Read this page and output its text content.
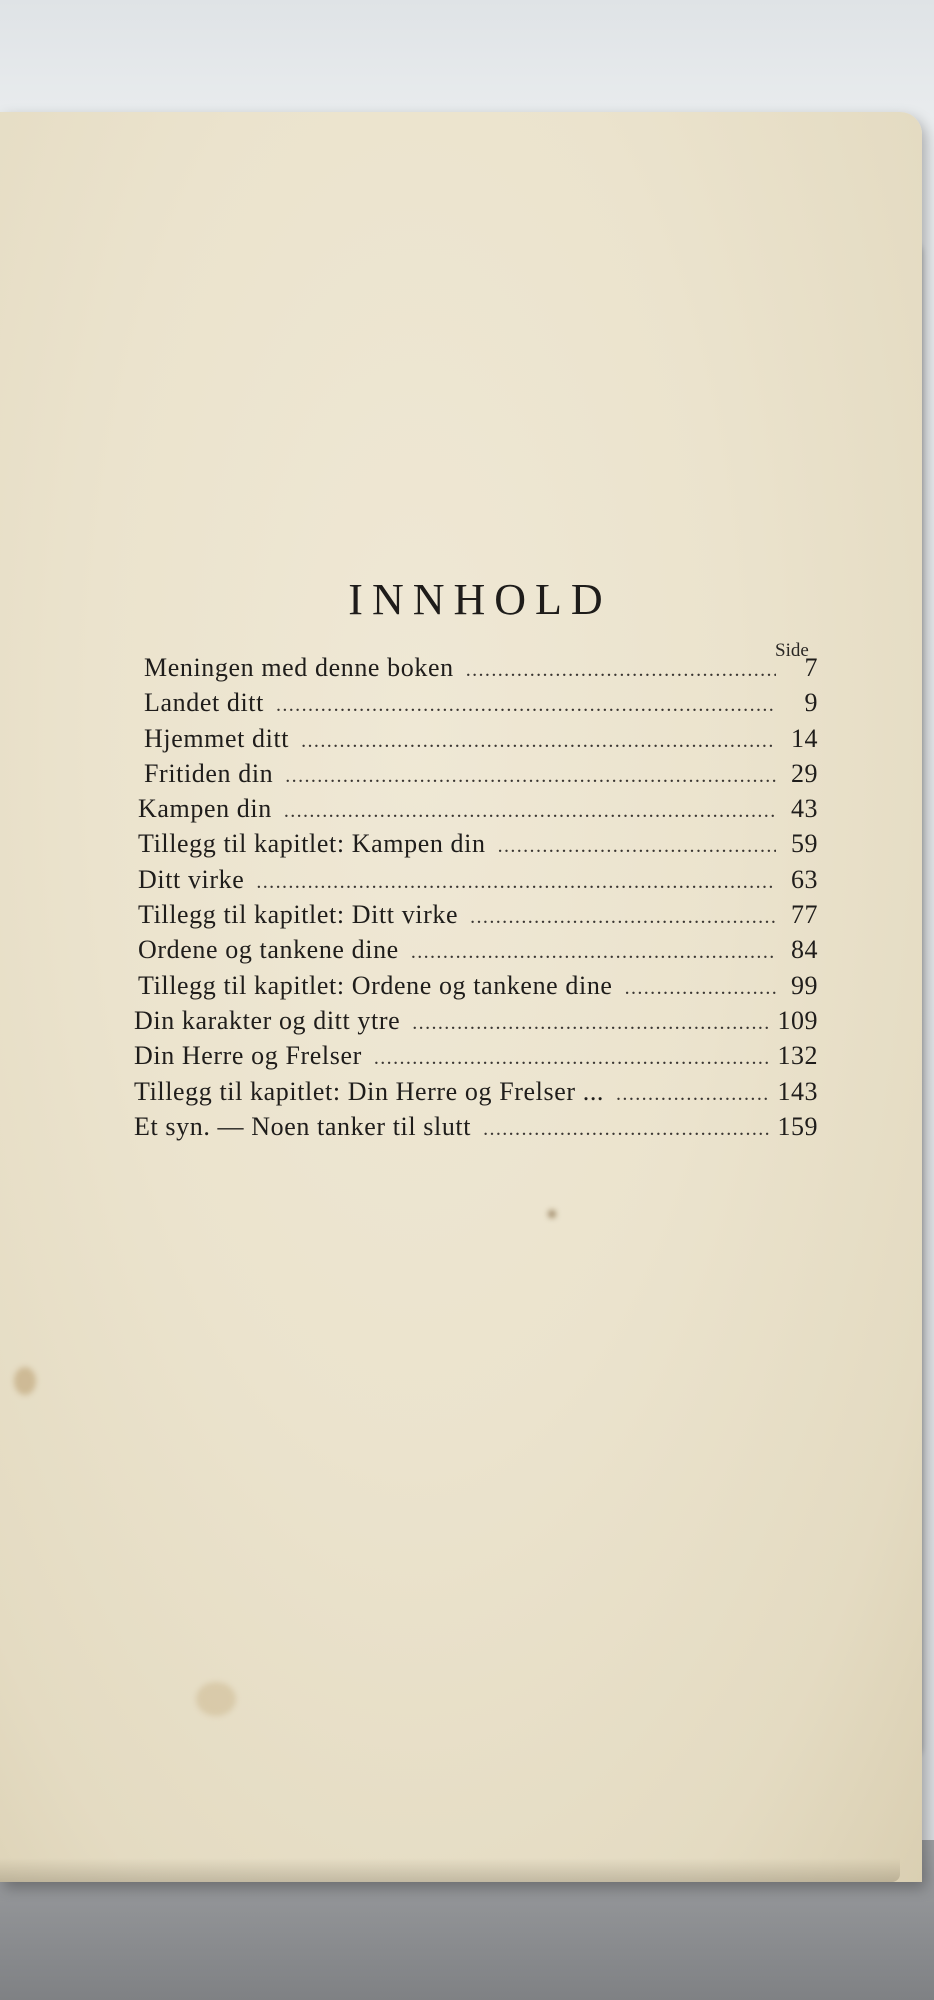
INNHOLD
Side
Meningen med denne boken .....	7
Landet ditt .....	9
Hjemmet ditt .....	14
Fritiden din .....	29
Kampen din .....	43
Tillegg til kapitlet: Kampen din .....	59
Ditt virke .....	63
Tillegg til kapitlet: Ditt virke .....	77
Ordene og tankene dine .....	84
Tillegg til kapitlet: Ordene og tankene dine .....	99
Din karakter og ditt ytre .....	109
Din Herre og Frelser .....	132
Tillegg til kapitlet: Din Herre og Frelser ... .....	143
Et syn. — Noen tanker til slutt .....	159
